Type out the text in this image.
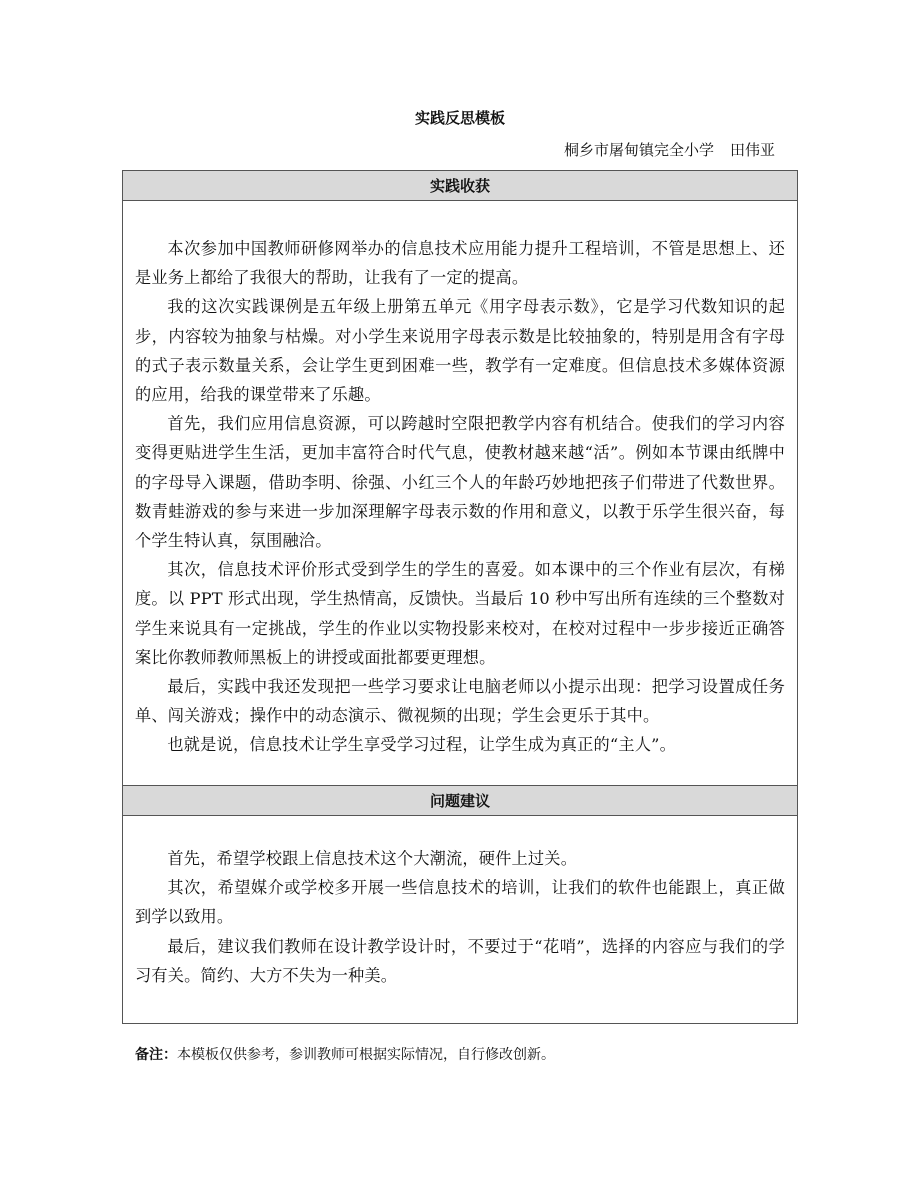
实践反思模板
桐乡市屠甸镇完全小学 田伟亚
实践收获

本次参加中国教师研修网举办的信息技术应用能力提升工程培训，不管是思想上、还是业务上都给了我很大的帮助，让我有了一定的提高。

我的这次实践课例是五年级上册第五单元《用字母表示数》，它是学习代数知识的起步，内容较为抽象与枯燥。对小学生来说用字母表示数是比较抽象的，特别是用含有字母的式子表示数量关系，会让学生更到困难一些，教学有一定难度。但信息技术多媒体资源的应用，给我的课堂带来了乐趣。

首先，我们应用信息资源，可以跨越时空限把教学内容有机结合。使我们的学习内容变得更贴进学生生活，更加丰富符合时代气息，使教材越来越“活”。例如本节课由纸牌中的字母导入课题，借助李明、徐强、小红三个人的年龄巧妙地把孩子们带进了代数世界。数青蛙游戏的参与来进一步加深理解字母表示数的作用和意义，以教于乐学生很兴奋，每个学生特认真，氛围融洽。

其次，信息技术评价形式受到学生的学生的喜爱。如本课中的三个作业有层次，有梯度。以 PPT 形式出现，学生热情高，反馈快。当最后 10 秒中写出所有连续的三个整数对学生来说具有一定挑战，学生的作业以实物投影来校对，在校对过程中一步步接近正确答案比你教师教师黑板上的讲授或面批都要更理想。

最后，实践中我还发现把一些学习要求让电脑老师以小提示出现：把学习设置成任务单、闯关游戏；操作中的动态演示、微视频的出现；学生会更乐于其中。

也就是说，信息技术让学生享受学习过程，让学生成为真正的“主人”。

问题建议

首先，希望学校跟上信息技术这个大潮流，硬件上过关。

其次，希望媒介或学校多开展一些信息技术的培训，让我们的软件也能跟上，真正做到学以致用。

最后，建议我们教师在设计教学设计时，不要过于“花哨”，选择的内容应与我们的学习有关。简约、大方不失为一种美。

备注：本模板仅供参考，参训教师可根据实际情况，自行修改创新。
